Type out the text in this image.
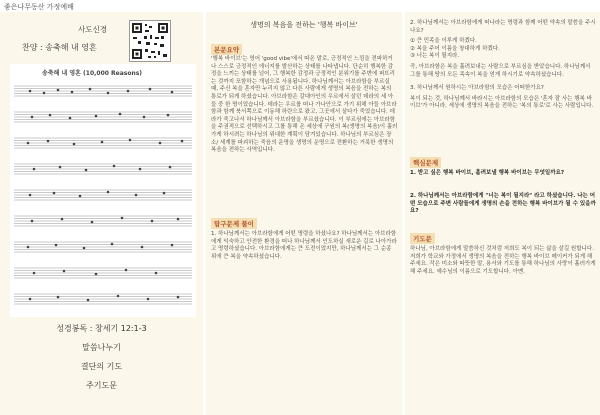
좋은나무동산 가정예배
사도신경
찬양 : 송축해 내 영혼
송축해 내 영혼 (10,000 Reasons)
성경봉독 : 창세기 12:1-3
말씀나누기
결단의 기도
주기도문
생명의 복음을 전하는 '행복 바이브'
본문요약
'행복 바이브'는 영어 'good vibe'에서 따온 말로, 긍정적인 느낌을 전파하거나 스스로 긍정적인 에너지를 발산하는 상태를 나타냅니다. 단순히 행복한 감정을 느끼는 상태를 넘어, 그 행복한 감정과 긍정적인 분위기를 주변에 퍼뜨리는 것까지 포함하는 개념으로 사용됩니다. 하나님께서는 아브라함을 부르실 때, 주신 복을 혼자만 누리지 않고 다른 사람에게 생명의 복음을 전하는 복의 통로가 되게 하셨습니다. 아브라함은 갈대아인의 우르에서 살던 데라의 세 아들 중 한 명이었습니다. 데라는 우르를 떠나 가나안으로 가기 위해 아들 아브라함과 함께 북서쪽으로 이동해 하란으로 왔고, 그곳에서 살다가 죽었습니다. 데라가 죽고나서 하나님께서 아브라함을 부르셨습니다. 이 부르심에는 아브라함을 주권적으로 선택하시고 그를 통해 온 세상에 구원의 복(생명의 복음)이 흘러가게 하시려는 하나님의 위대한 계획이 담겨있습니다. 하나님의 부르심은 장소/ 세계를 파괴하는 죽음의 운명을 생명의 운명으로 전환하는 거룩한 생명의 복음을 전하는 사역입니다.
탐구문제 풀이
1. 하나님께서는 아브라함에게 어떤 명령을 하셨나요? 하나님께서는 아브라함에게 익숙하고 안전한 환경을 떠나 하나님께서 인도하실 새로운 길로 나아가라고 명령하셨습니다. 아브라함에게는 큰 도전이었지만, 하나님께서는 그 순종 위에 큰 복을 약속하셨습니다.

2. 하나님께서는 아브라함에게 떠나라는 명령과 함께 어떤 약속의 말씀을 주시나요?

① 큰 민족을 이루게 하겠다.

② 복을 주어 이름을 창대하게 하겠다.

③ 너는 복이 될지라.

즉, 아브라함은 복을 흘려보내는 사람으로 부르심을 받았습니다. 하나님께서 그를 통해 땅의 모든 족속이 복을 얻게 하시기로 약속하셨습니다.

3. 하나님께서 원하시는 아브라함의 모습은 어떠한가요?

복이 되는 것, 하나님께서 바라시는 아브라함의 모습은 '혼자 잘 사는 행복 바이브'가 아니라, 세상에 생명의 복음을 전하는 '복의 통로'로 사는 사람입니다.

핵심문제
1. 받고 싶은 행복 바이브, 흘려보낼 행복 바이브는 무엇일까요?
2. 하나님께서는 아브라함에게 "너는 복이 될지라" 라고 하셨습니다. 나는 어떤 모습으로 주변 사람들에게 생명의 손을 전하는 행복 바이브가 될 수 있을까요?
기도문
하나님, 아브라함에게 말씀하신 것처럼 저희도 복이 되는 삶을 살길 원합니다. 저희가 학교와 가정에서 생명의 복음을 전하는 행복 바이브 메이커가 되게 해 주세요. 작은 미소와 따뜻한 말, 용서와 기도를 통해 하나님의 사랑이 흘러가게 해 주세요. 예수님의 이름으로 기도합니다. 아멘.
